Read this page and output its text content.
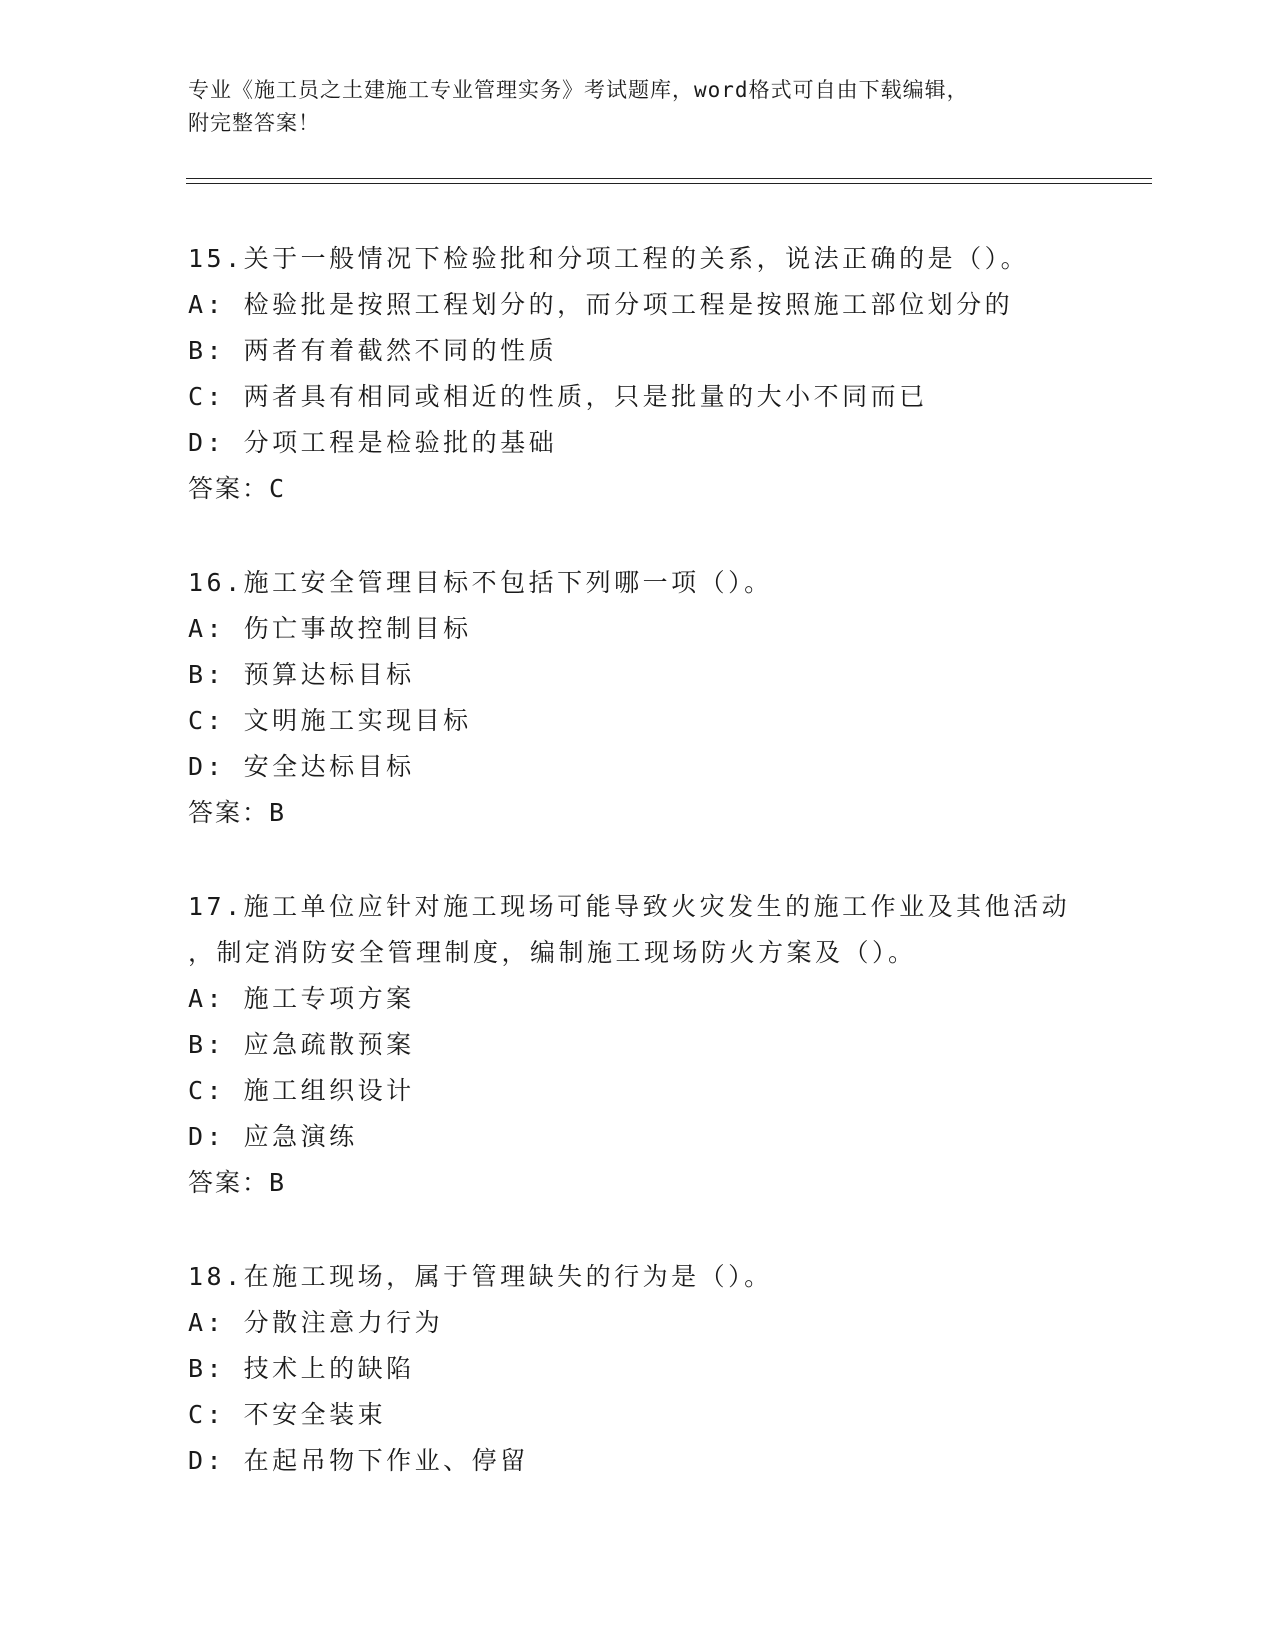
专业《施工员之土建施工专业管理实务》考试题库，word格式可自由下载编辑，
附完整答案！
15.关于一般情况下检验批和分项工程的关系，说法正确的是（）。
A: 检验批是按照工程划分的，而分项工程是按照施工部位划分的
B: 两者有着截然不同的性质
C: 两者具有相同或相近的性质，只是批量的大小不同而已
D: 分项工程是检验批的基础
答案：C
16.施工安全管理目标不包括下列哪一项（）。
A: 伤亡事故控制目标
B: 预算达标目标
C: 文明施工实现目标
D: 安全达标目标
答案：B
17.施工单位应针对施工现场可能导致火灾发生的施工作业及其他活动
，制定消防安全管理制度，编制施工现场防火方案及（）。
A: 施工专项方案
B: 应急疏散预案
C: 施工组织设计
D: 应急演练
答案：B
18.在施工现场，属于管理缺失的行为是（）。
A: 分散注意力行为
B: 技术上的缺陷
C: 不安全装束
D: 在起吊物下作业、停留
